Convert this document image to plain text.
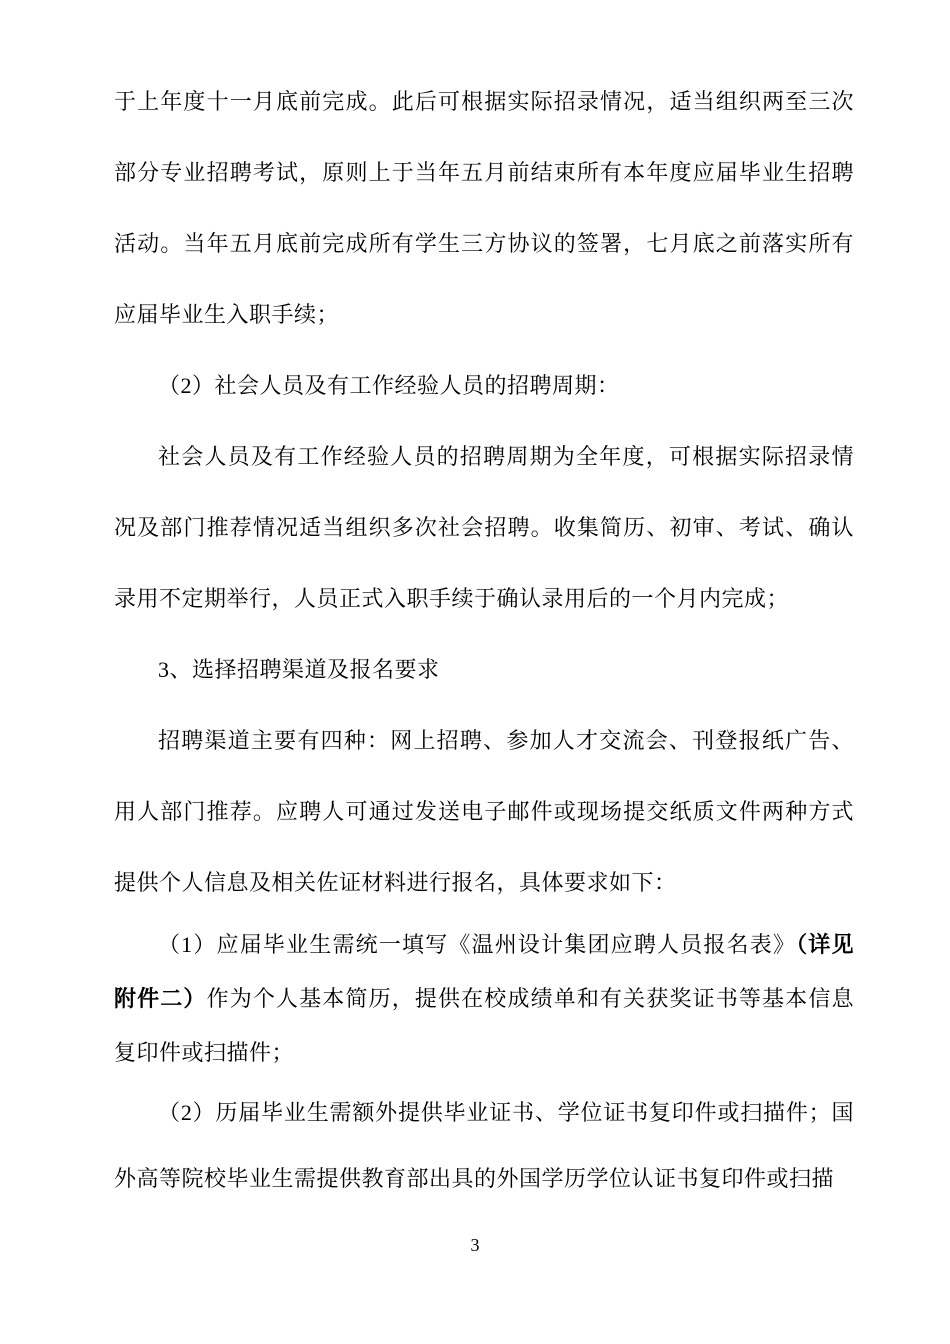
于上年度十一月底前完成。此后可根据实际招录情况，适当组织两至三次部分专业招聘考试，原则上于当年五月前结束所有本年度应届毕业生招聘活动。当年五月底前完成所有学生三方协议的签署，七月底之前落实所有应届毕业生入职手续；

（2）社会人员及有工作经验人员的招聘周期：

社会人员及有工作经验人员的招聘周期为全年度，可根据实际招录情况及部门推荐情况适当组织多次社会招聘。收集简历、初审、考试、确认录用不定期举行，人员正式入职手续于确认录用后的一个月内完成；

3、选择招聘渠道及报名要求

招聘渠道主要有四种：网上招聘、参加人才交流会、刊登报纸广告、用人部门推荐。应聘人可通过发送电子邮件或现场提交纸质文件两种方式提供个人信息及相关佐证材料进行报名，具体要求如下：

（1）应届毕业生需统一填写《温州设计集团应聘人员报名表》（详见附件二）作为个人基本简历，提供在校成绩单和有关获奖证书等基本信息复印件或扫描件；

（2）历届毕业生需额外提供毕业证书、学位证书复印件或扫描件；国外高等院校毕业生需提供教育部出具的外国学历学位认证书复印件或扫描

3
